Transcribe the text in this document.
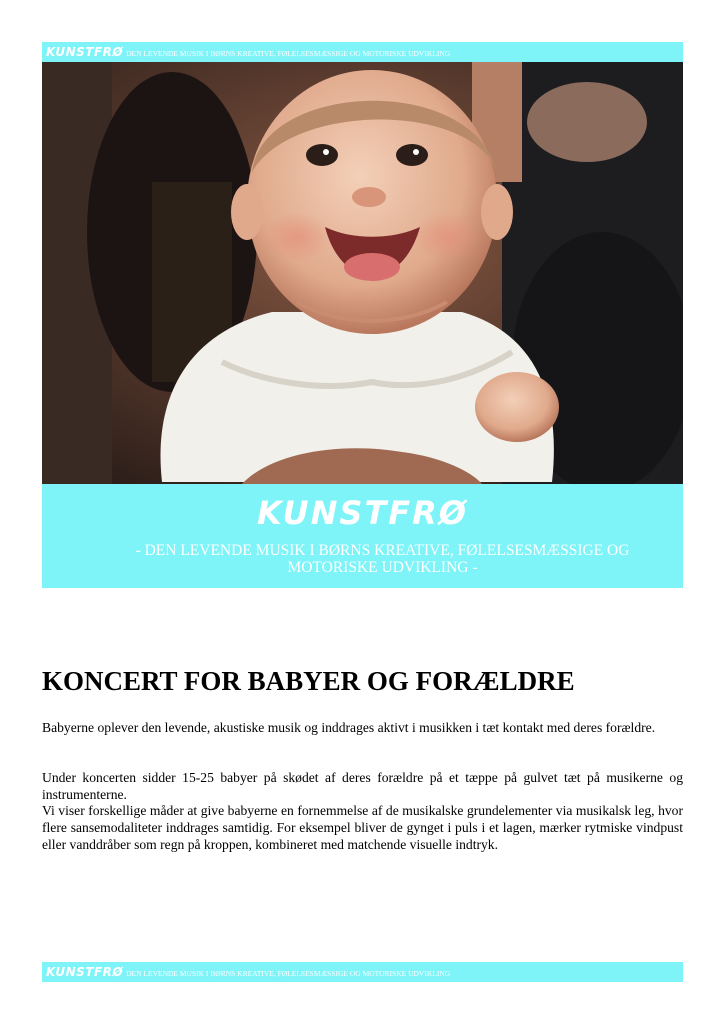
KUNSTFRØ DEN LEVENDE MUSIK I BØRNS KREATIVE, FØLELSESMÆSSIGE OG MOTORISKE UDVIKLING
KUNSTFRØ
- DEN LEVENDE MUSIK I BØRNS KREATIVE, FØLELSESMÆSSIGE OG MOTORISKE UDVIKLING -
KONCERT FOR BABYER OG FORÆLDRE

Babyerne oplever den levende, akustiske musik og inddrages aktivt i musikken i tæt kontakt med deres forældre.

Under koncerten sidder 15-25 babyer på skødet af deres forældre på et tæppe på gulvet tæt på musikerne og instrumenterne.

Vi viser forskellige måder at give babyerne en fornemmelse af de musikalske grundelementer via musikalsk leg, hvor flere sansemodaliteter inddrages samtidig. For eksempel bliver de gynget i puls i et lagen, mærker rytmiske vindpust eller vanddråber som regn på kroppen, kombineret med matchende visuelle indtryk.

KUNSTFRØ DEN LEVENDE MUSIK I BØRNS KREATIVE, FØLELSESMÆSSIGE OG MOTORISKE UDVIKLING
